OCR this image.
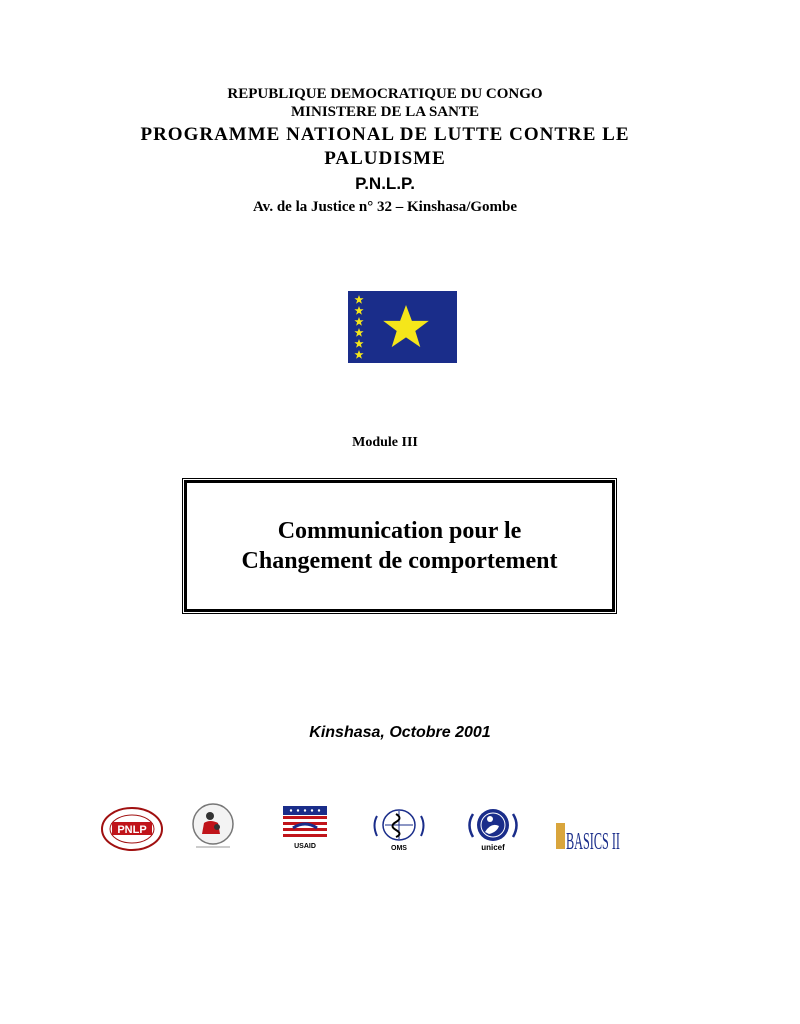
REPUBLIQUE DEMOCRATIQUE DU CONGO
MINISTERE DE LA SANTE
PROGRAMME NATIONAL DE LUTTE CONTRE LE
PALUDISME
P.N.L.P.
Av. de la Justice n° 32 – Kinshasa/Gombe
Module III
Communication pour le
Changement de comportement
Kinshasa, Octobre 2001
PNLP
USAID	OMS	unicef	BASICS II
